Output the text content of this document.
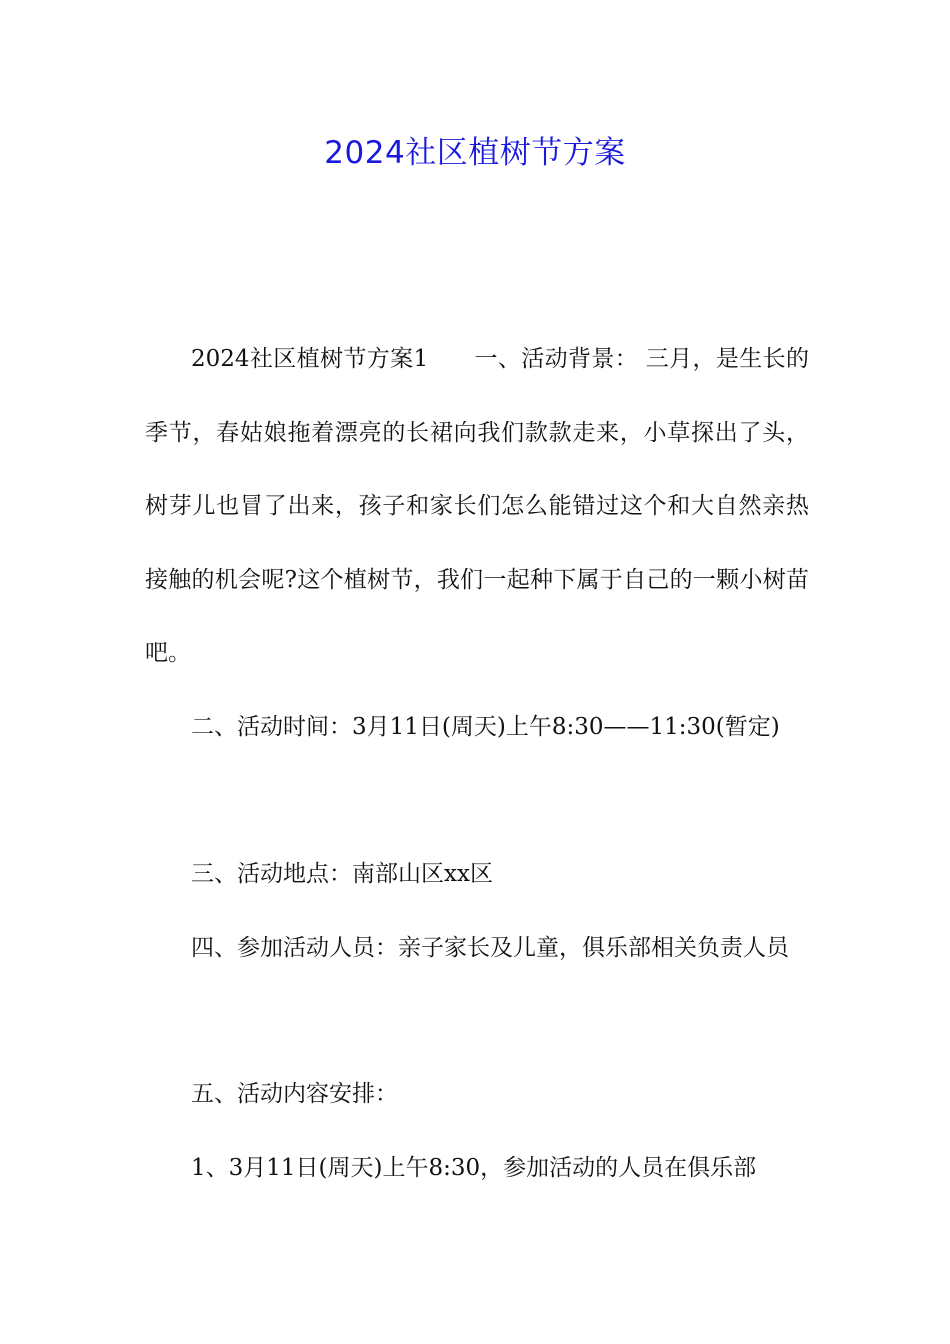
2024社区植树节方案

2024社区植树节方案1 一、活动背景： 三月，是生长的季节，春姑娘拖着漂亮的长裙向我们款款走来，小草探出了头，树芽儿也冒了出来，孩子和家长们怎么能错过这个和大自然亲热接触的机会呢?这个植树节，我们一起种下属于自己的一颗小树苗吧。

二、活动时间：3月11日(周天)上午8:30——11:30(暂定)

三、活动地点：南部山区xx区

四、参加活动人员：亲子家长及儿童，俱乐部相关负责人员

五、活动内容安排：

1、3月11日(周天)上午8:30，参加活动的人员在俱乐部
